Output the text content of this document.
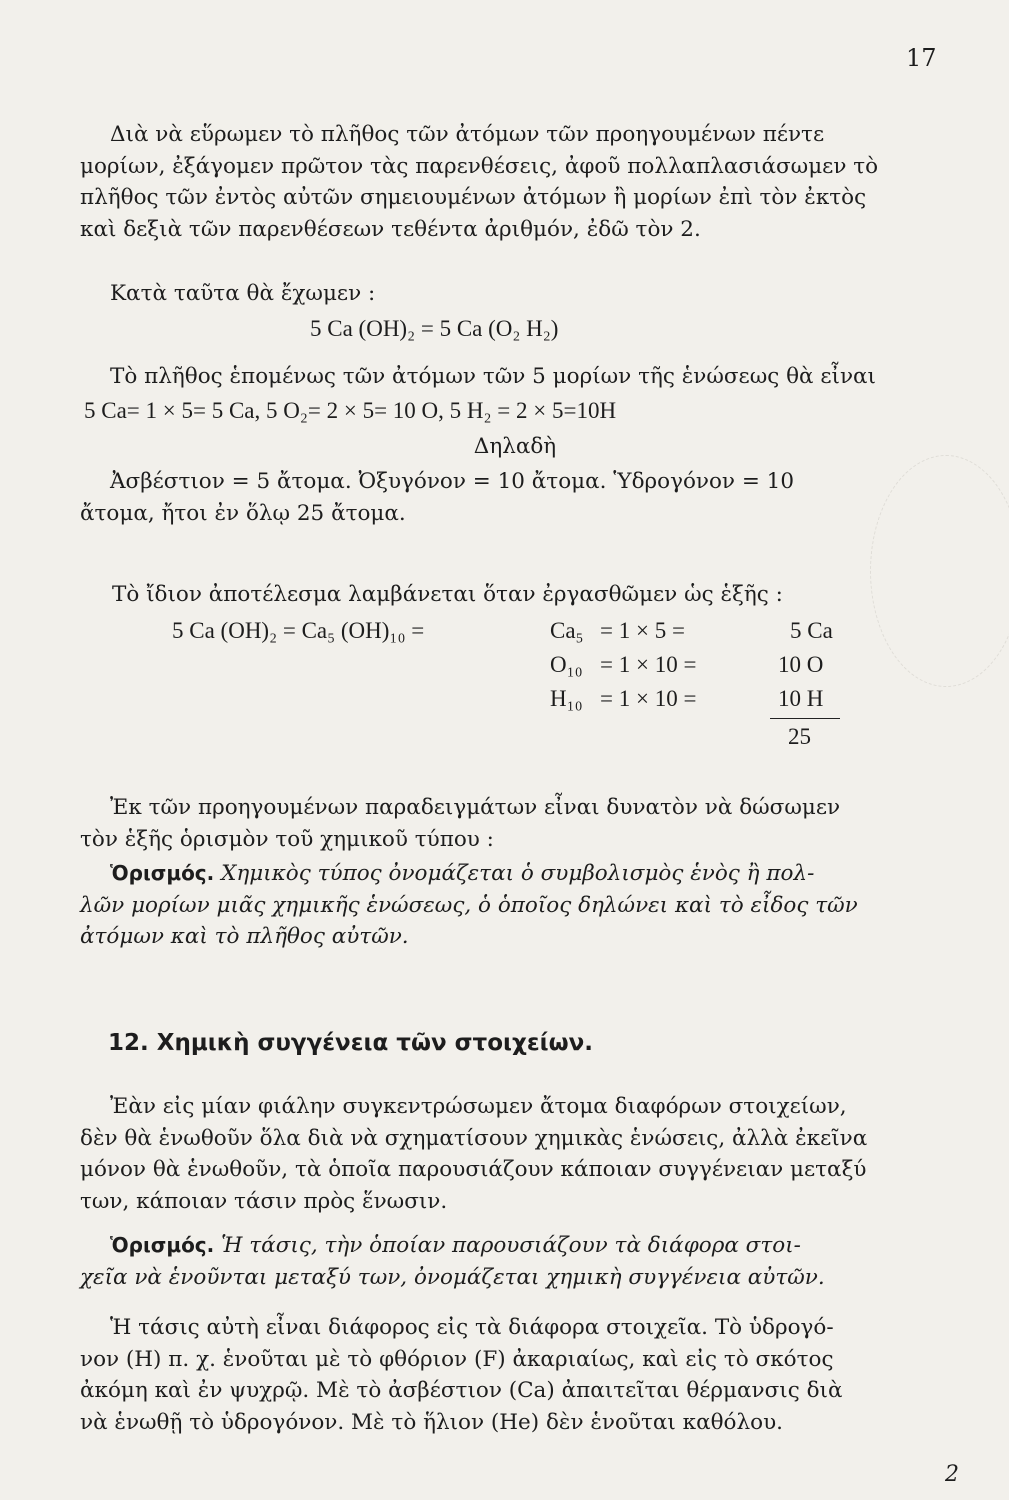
17
Διὰ νὰ εὕρωμεν τὸ πλῆθος τῶν ἀτόμων τῶν προηγουμένων πέντε
μορίων, ἐξάγομεν πρῶτον τὰς παρενθέσεις, ἀφοῦ πολλαπλασιάσωμεν τὸ
πλῆθος τῶν ἐντὸς αὐτῶν σημειουμένων ἀτόμων ἢ μορίων ἐπὶ τὸν ἐκτὸς
καὶ δεξιὰ τῶν παρενθέσεων τεθέντα ἀριθμόν, ἐδῶ τὸν 2.
Κατὰ ταῦτα θὰ ἔχωμεν :
5 Ca (OH)₂ = 5 Ca (O₂ H₂)
Τὸ πλῆθος ἑπομένως τῶν ἀτόμων τῶν 5 μορίων τῆς ἑνώσεως θὰ εἶναι
5 Ca= 1 × 5= 5 Ca, 5 O₂= 2 × 5= 10 O, 5 H₂ = 2 × 5=10H
Δηλαδὴ
Ἀσβέστιον = 5 ἄτομα. Ὀξυγόνον = 10 ἄτομα. Ὑδρογόνον = 10
ἄτομα, ἤτοι ἐν ὅλῳ 25 ἄτομα.
Τὸ ἴδιον ἀποτέλεσμα λαμβάνεται ὅταν ἐργασθῶμεν ὡς ἑξῆς :
5 Ca (OH)₂ = Ca₅ (OH)₁₀ =	Ca₅ = 1 × 5 =	5 Ca
O₁₀ = 1 × 10 =	10 O
H₁₀ = 1 × 10 =	10 H
25
Ἐκ τῶν προηγουμένων παραδειγμάτων εἶναι δυνατὸν νὰ δώσωμεν
τὸν ἑξῆς ὁρισμὸν τοῦ χημικοῦ τύπου :
Ὁρισμός. Χημικὸς τύπος ὀνομάζεται ὁ συμβολισμὸς ἑνὸς ἢ πολ-
λῶν μορίων μιᾶς χημικῆς ἑνώσεως, ὁ ὁποῖος δηλώνει καὶ τὸ εἶδος τῶν
ἀτόμων καὶ τὸ πλῆθος αὐτῶν.
12. Χημικὴ συγγένεια τῶν στοιχείων.
Ἐὰν εἰς μίαν φιάλην συγκεντρώσωμεν ἄτομα διαφόρων στοιχείων,
δὲν θὰ ἑνωθοῦν ὅλα διὰ νὰ σχηματίσουν χημικὰς ἑνώσεις, ἀλλὰ ἐκεῖνα
μόνον θὰ ἑνωθοῦν, τὰ ὁποῖα παρουσιάζουν κάποιαν συγγένειαν μεταξύ
των, κάποιαν τάσιν πρὸς ἕνωσιν.
Ὁρισμός. Ἡ τάσις, τὴν ὁποίαν παρουσιάζουν τὰ διάφορα στοι-
χεῖα νὰ ἑνοῦνται μεταξύ των, ὀνομάζεται χημικὴ συγγένεια αὐτῶν.
Ἡ τάσις αὐτὴ εἶναι διάφορος εἰς τὰ διάφορα στοιχεῖα. Τὸ ὑδρογό-
νον (H) π. χ. ἑνοῦται μὲ τὸ φθόριον (F) ἀκαριαίως, καὶ εἰς τὸ σκότος
ἀκόμη καὶ ἐν ψυχρῷ. Μὲ τὸ ἀσβέστιον (Ca) ἀπαιτεῖται θέρμανσις διὰ
νὰ ἑνωθῇ τὸ ὑδρογόνον. Μὲ τὸ ἥλιον (He) δὲν ἑνοῦται καθόλου.
2
